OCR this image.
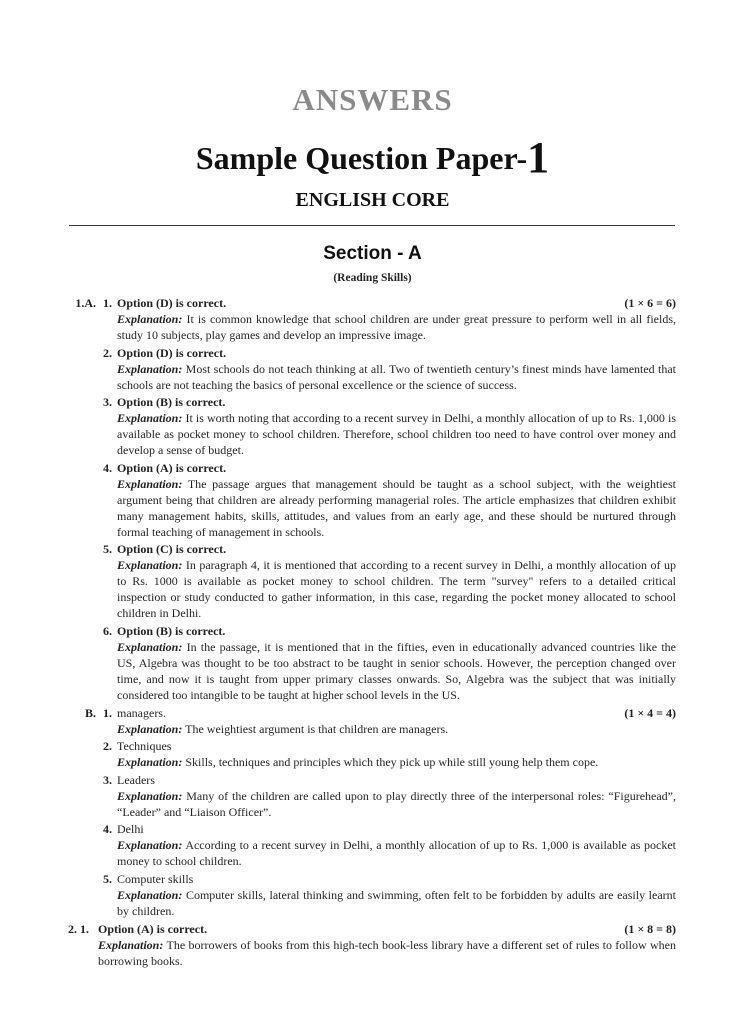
ANSWERS
Sample Question Paper-1
ENGLISH CORE
Section - A
(Reading Skills)
1.A. 1. Option (D) is correct.	(1 × 6 = 6)
Explanation: It is common knowledge that school children are under great pressure to perform well in all fields, study 10 subjects, play games and develop an impressive image.
2. Option (D) is correct.
Explanation: Most schools do not teach thinking at all. Two of twentieth century’s finest minds have lamented that schools are not teaching the basics of personal excellence or the science of success.
3. Option (B) is correct.
Explanation: It is worth noting that according to a recent survey in Delhi, a monthly allocation of up to Rs. 1,000 is available as pocket money to school children. Therefore, school children too need to have control over money and develop a sense of budget.
4. Option (A) is correct.
Explanation: The passage argues that management should be taught as a school subject, with the weightiest argument being that children are already performing managerial roles. The article emphasizes that children exhibit many management habits, skills, attitudes, and values from an early age, and these should be nurtured through formal teaching of management in schools.
5. Option (C) is correct.
Explanation: In paragraph 4, it is mentioned that according to a recent survey in Delhi, a monthly allocation of up to Rs. 1000 is available as pocket money to school children. The term "survey" refers to a detailed critical inspection or study conducted to gather information, in this case, regarding the pocket money allocated to school children in Delhi.
6. Option (B) is correct.
Explanation: In the passage, it is mentioned that in the fifties, even in educationally advanced countries like the US, Algebra was thought to be too abstract to be taught in senior schools. However, the perception changed over time, and now it is taught from upper primary classes onwards. So, Algebra was the subject that was initially considered too intangible to be taught at higher school levels in the US.
B. 1. managers.	(1 × 4 = 4)
Explanation: The weightiest argument is that children are managers.
2. Techniques
Explanation: Skills, techniques and principles which they pick up while still young help them cope.
3. Leaders
Explanation: Many of the children are called upon to play directly three of the interpersonal roles: “Figurehead”, “Leader” and “Liaison Officer”.
4. Delhi
Explanation: According to a recent survey in Delhi, a monthly allocation of up to Rs. 1,000 is available as pocket money to school children.
5. Computer skills
Explanation: Computer skills, lateral thinking and swimming, often felt to be forbidden by adults are easily learnt by children.
2. 1. Option (A) is correct.	(1 × 8 = 8)
Explanation: The borrowers of books from this high-tech book-less library have a different set of rules to follow when borrowing books.
